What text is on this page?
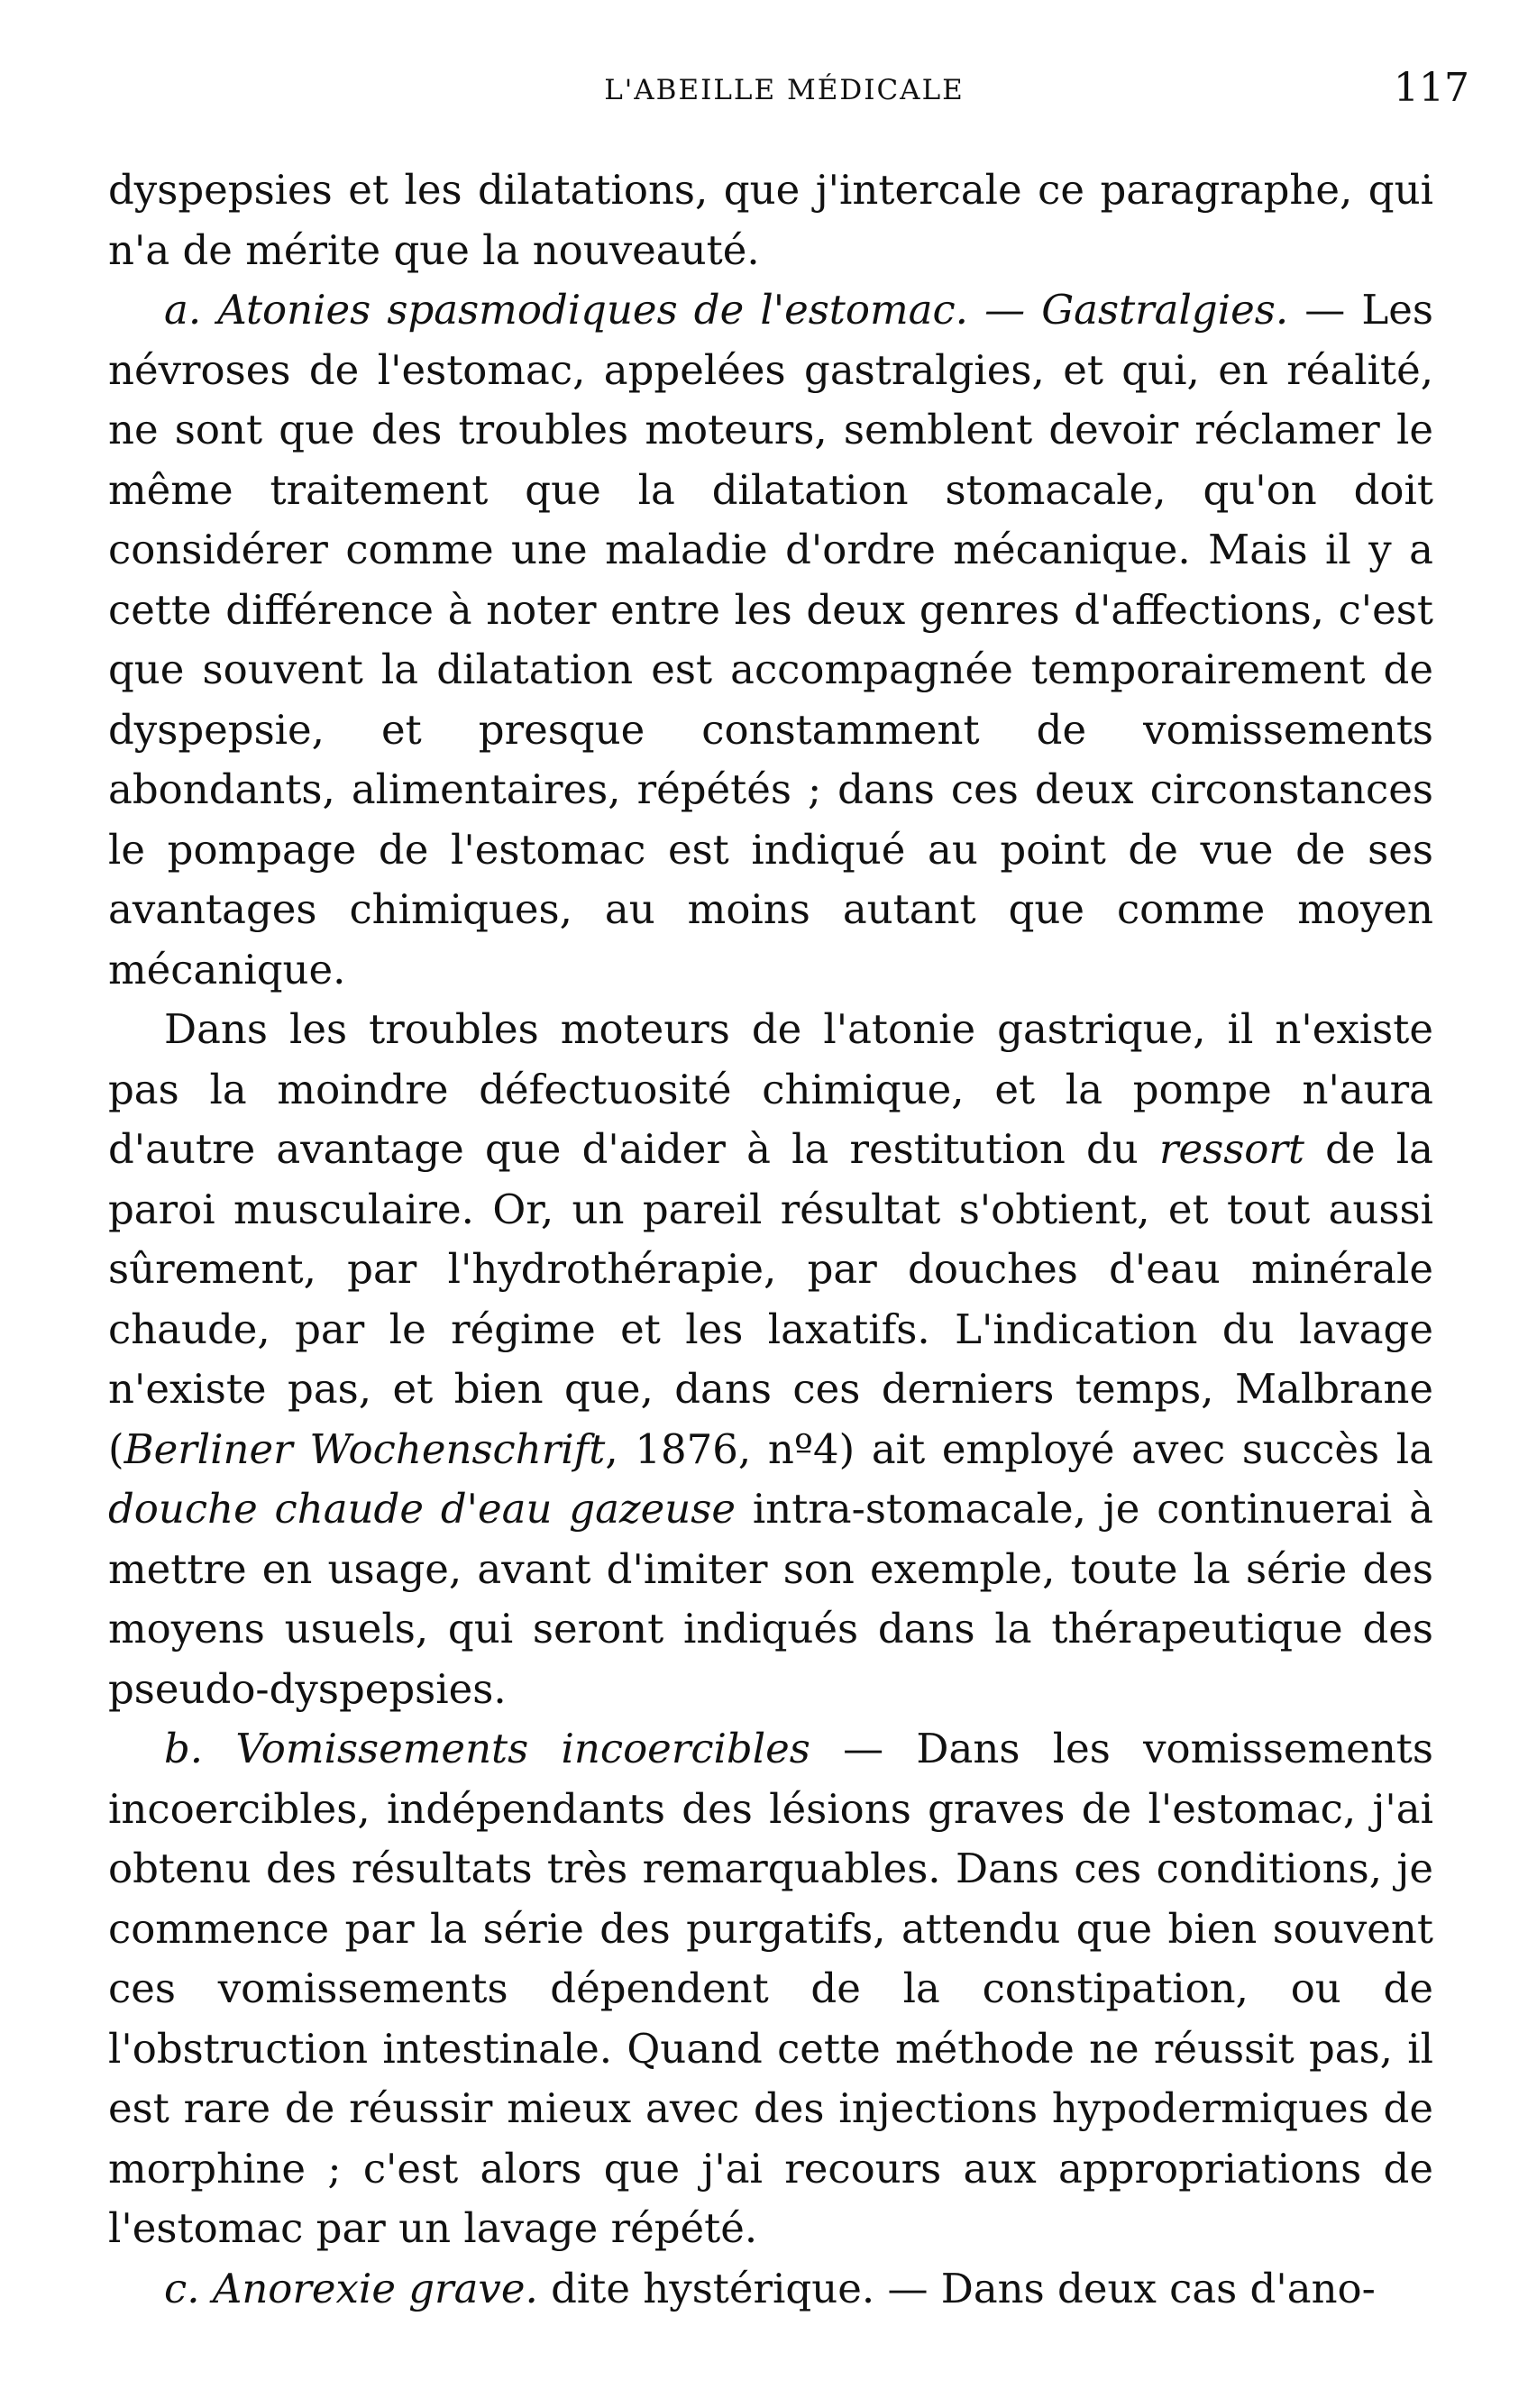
L'ABEILLE MÉDICALE	117

dyspepsies et les dilatations, que j'intercale ce paragraphe, qui n'a de mérite que la nouveauté.

a. Atonies spasmodiques de l'estomac. — Gastralgies. — Les névroses de l'estomac, appelées gastralgies, et qui, en réalité, ne sont que des troubles moteurs, semblent devoir réclamer le même traitement que la dilatation stomacale, qu'on doit considérer comme une maladie d'ordre mécanique. Mais il y a cette différence à noter entre les deux genres d'affections, c'est que souvent la dilatation est accompagnée temporairement de dyspepsie, et presque constamment de vomissements abondants, alimentaires, répétés ; dans ces deux circonstances le pompage de l'estomac est indiqué au point de vue de ses avantages chimiques, au moins autant que comme moyen mécanique.

Dans les troubles moteurs de l'atonie gastrique, il n'existe pas la moindre défectuosité chimique, et la pompe n'aura d'autre avantage que d'aider à la restitution du ressort de la paroi musculaire. Or, un pareil résultat s'obtient, et tout aussi sûrement, par l'hydrothérapie, par douches d'eau minérale chaude, par le régime et les laxatifs. L'indication du lavage n'existe pas, et bien que, dans ces derniers temps, Malbrane (Berliner Wochenschrift, 1876, nº4) ait employé avec succès la douche chaude d'eau gazeuse intra-stomacale, je continuerai à mettre en usage, avant d'imiter son exemple, toute la série des moyens usuels, qui seront indiqués dans la thérapeutique des pseudo-dyspepsies.

b. Vomissements incoercibles — Dans les vomissements incoercibles, indépendants des lésions graves de l'estomac, j'ai obtenu des résultats très remarquables. Dans ces conditions, je commence par la série des purgatifs, attendu que bien souvent ces vomissements dépendent de la constipation, ou de l'obstruction intestinale. Quand cette méthode ne réussit pas, il est rare de réussir mieux avec des injections hypodermiques de morphine ; c'est alors que j'ai recours aux appropriations de l'estomac par un lavage répété.

c. Anorexie grave. dite hystérique. — Dans deux cas d'ano-
